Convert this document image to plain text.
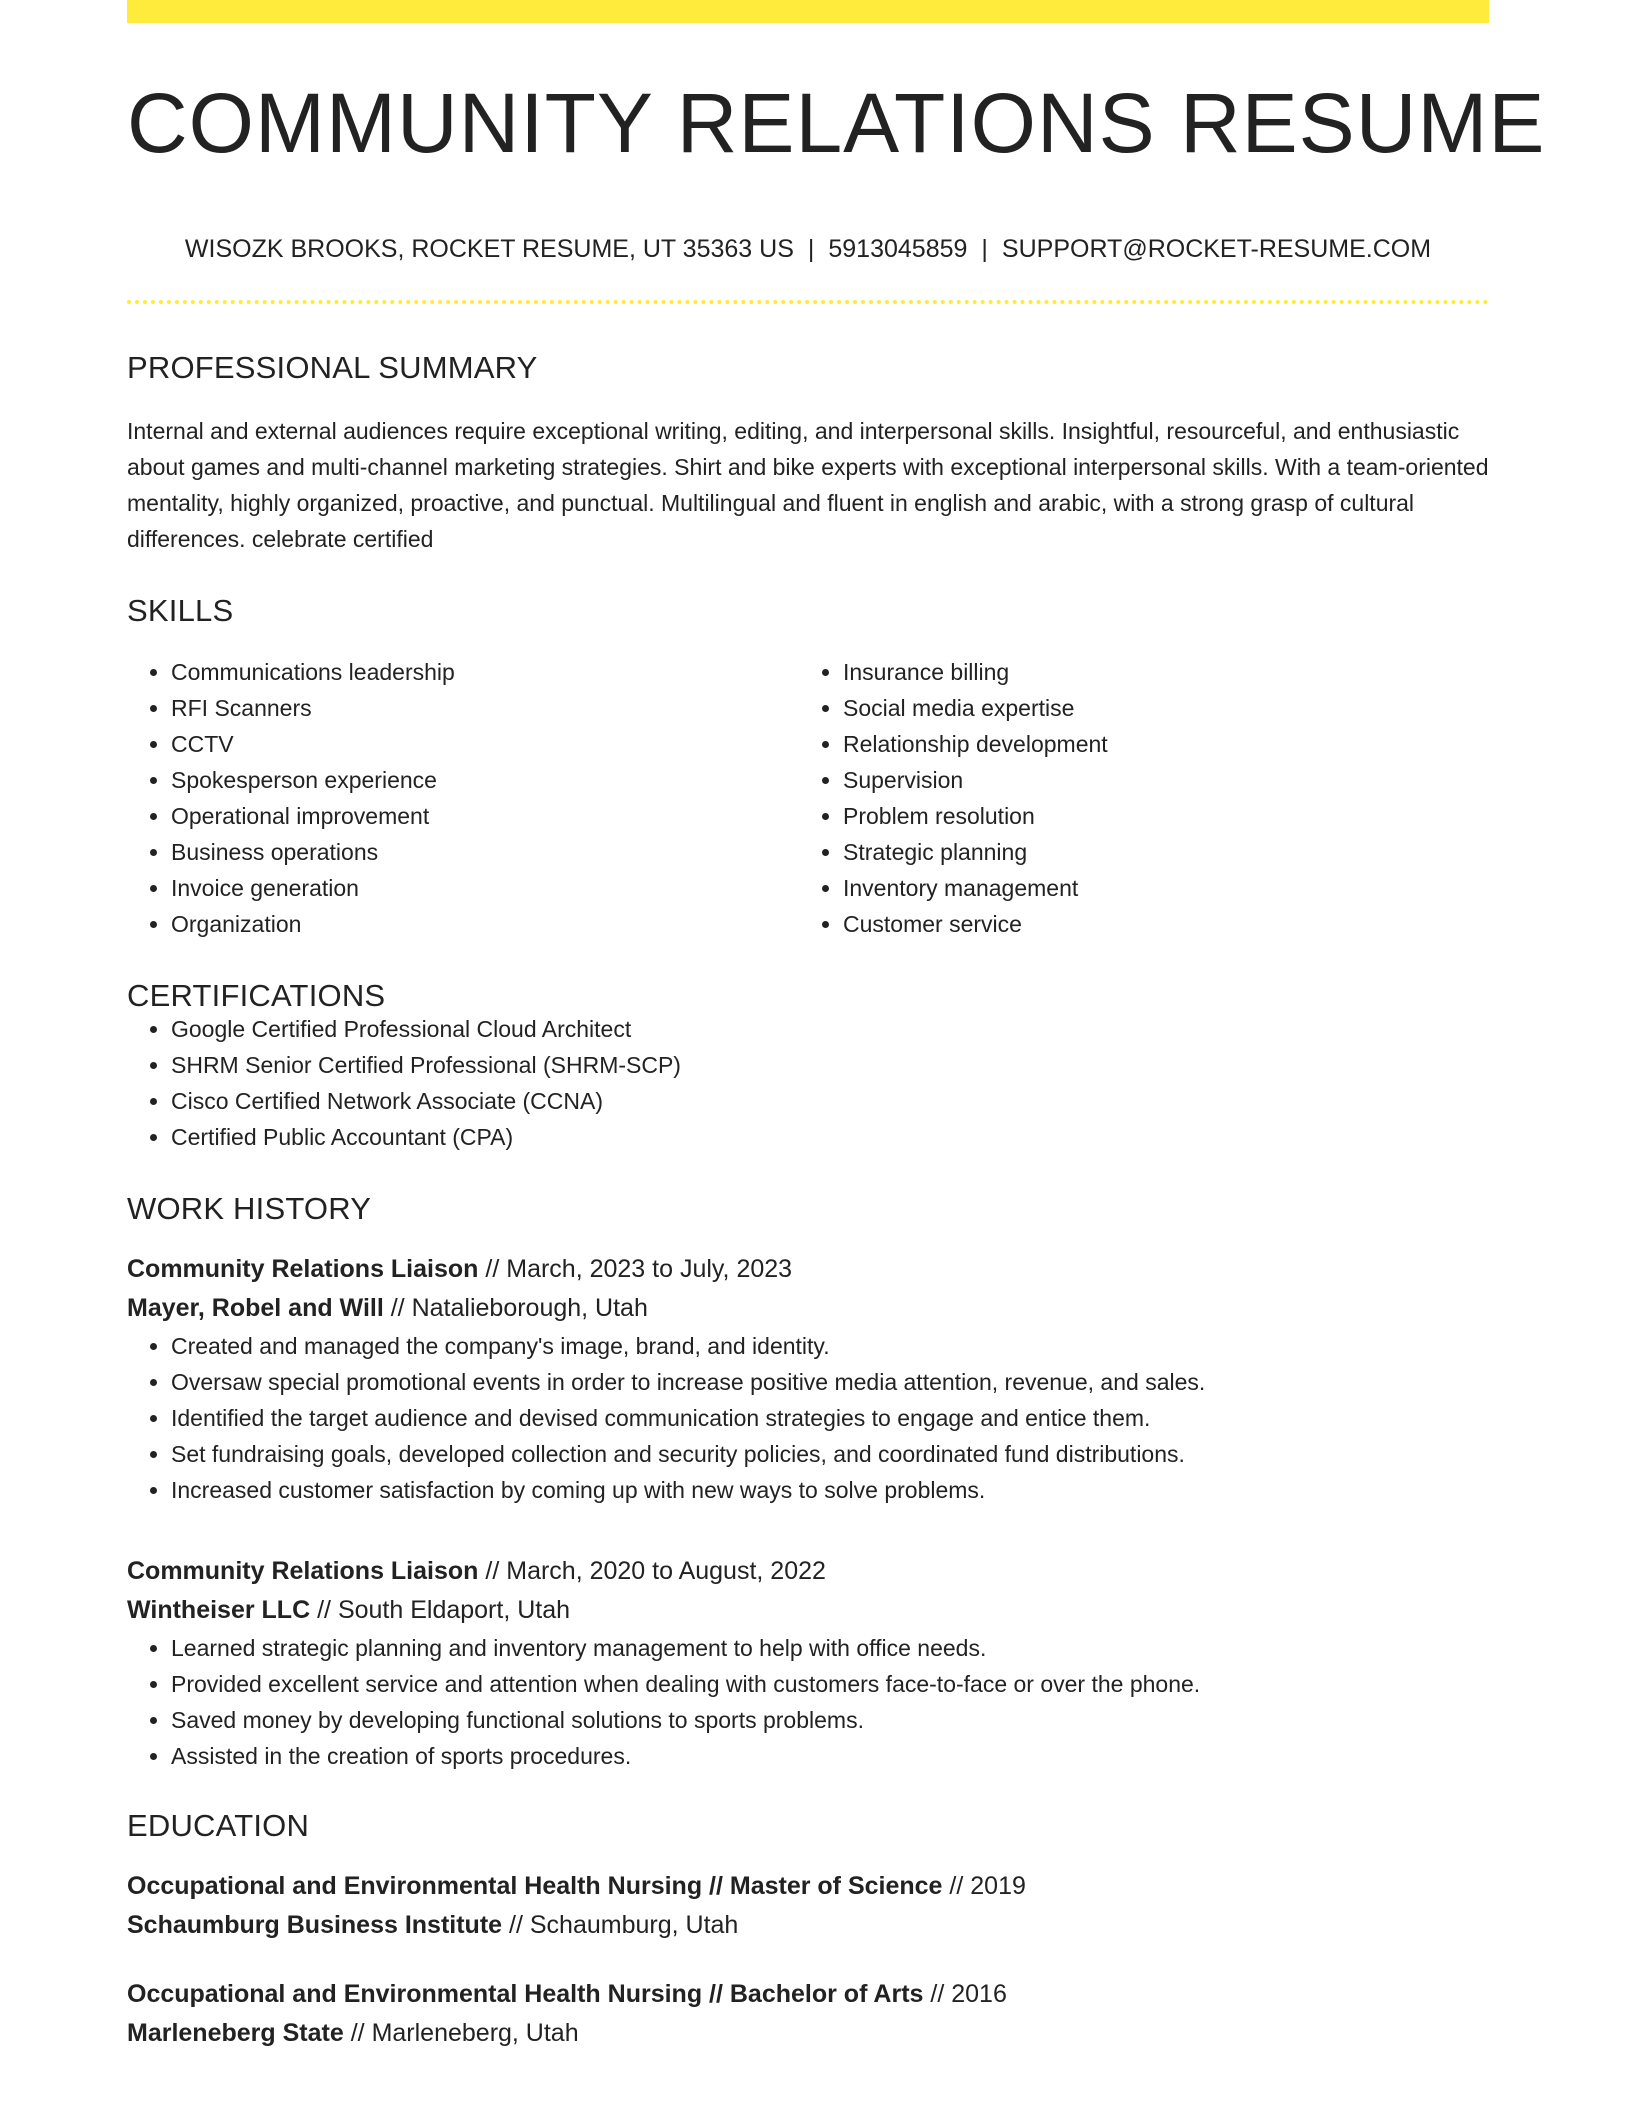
COMMUNITY RELATIONS RESUME
WISOZK BROOKS, ROCKET RESUME, UT 35363 US | 5913045859 | SUPPORT@ROCKET-RESUME.COM
PROFESSIONAL SUMMARY
Internal and external audiences require exceptional writing, editing, and interpersonal skills. Insightful, resourceful, and enthusiastic about games and multi-channel marketing strategies. Shirt and bike experts with exceptional interpersonal skills. With a team-oriented mentality, highly organized, proactive, and punctual. Multilingual and fluent in english and arabic, with a strong grasp of cultural differences. celebrate certified
SKILLS
• Communications leadership
• RFI Scanners
• CCTV
• Spokesperson experience
• Operational improvement
• Business operations
• Invoice generation
• Organization
• Insurance billing
• Social media expertise
• Relationship development
• Supervision
• Problem resolution
• Strategic planning
• Inventory management
• Customer service
CERTIFICATIONS
• Google Certified Professional Cloud Architect
• SHRM Senior Certified Professional (SHRM-SCP)
• Cisco Certified Network Associate (CCNA)
• Certified Public Accountant (CPA)
WORK HISTORY
Community Relations Liaison // March, 2023 to July, 2023
Mayer, Robel and Will // Natalieborough, Utah
• Created and managed the company's image, brand, and identity.
• Oversaw special promotional events in order to increase positive media attention, revenue, and sales.
• Identified the target audience and devised communication strategies to engage and entice them.
• Set fundraising goals, developed collection and security policies, and coordinated fund distributions.
• Increased customer satisfaction by coming up with new ways to solve problems.
Community Relations Liaison // March, 2020 to August, 2022
Wintheiser LLC // South Eldaport, Utah
• Learned strategic planning and inventory management to help with office needs.
• Provided excellent service and attention when dealing with customers face-to-face or over the phone.
• Saved money by developing functional solutions to sports problems.
• Assisted in the creation of sports procedures.
EDUCATION
Occupational and Environmental Health Nursing // Master of Science // 2019
Schaumburg Business Institute // Schaumburg, Utah
Occupational and Environmental Health Nursing // Bachelor of Arts // 2016
Marleneberg State // Marleneberg, Utah
